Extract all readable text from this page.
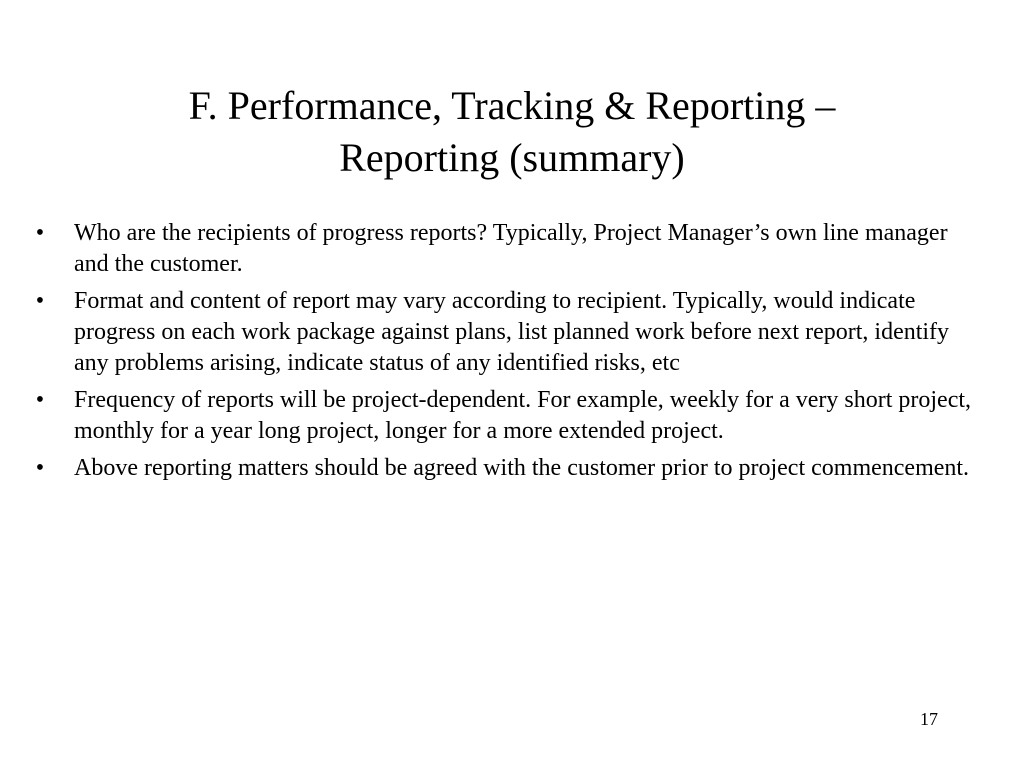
F. Performance, Tracking & Reporting –
Reporting (summary)
• Who are the recipients of progress reports? Typically, Project Manager’s own line manager and the customer.
• Format and content of report may vary according to recipient. Typically, would indicate progress on each work package against plans, list planned work before next report, identify any problems arising, indicate status of any identified risks, etc
• Frequency of reports will be project-dependent. For example, weekly for a very short project, monthly for a year long project, longer for a more extended project.
• Above reporting matters should be agreed with the customer prior to project commencement.
17
